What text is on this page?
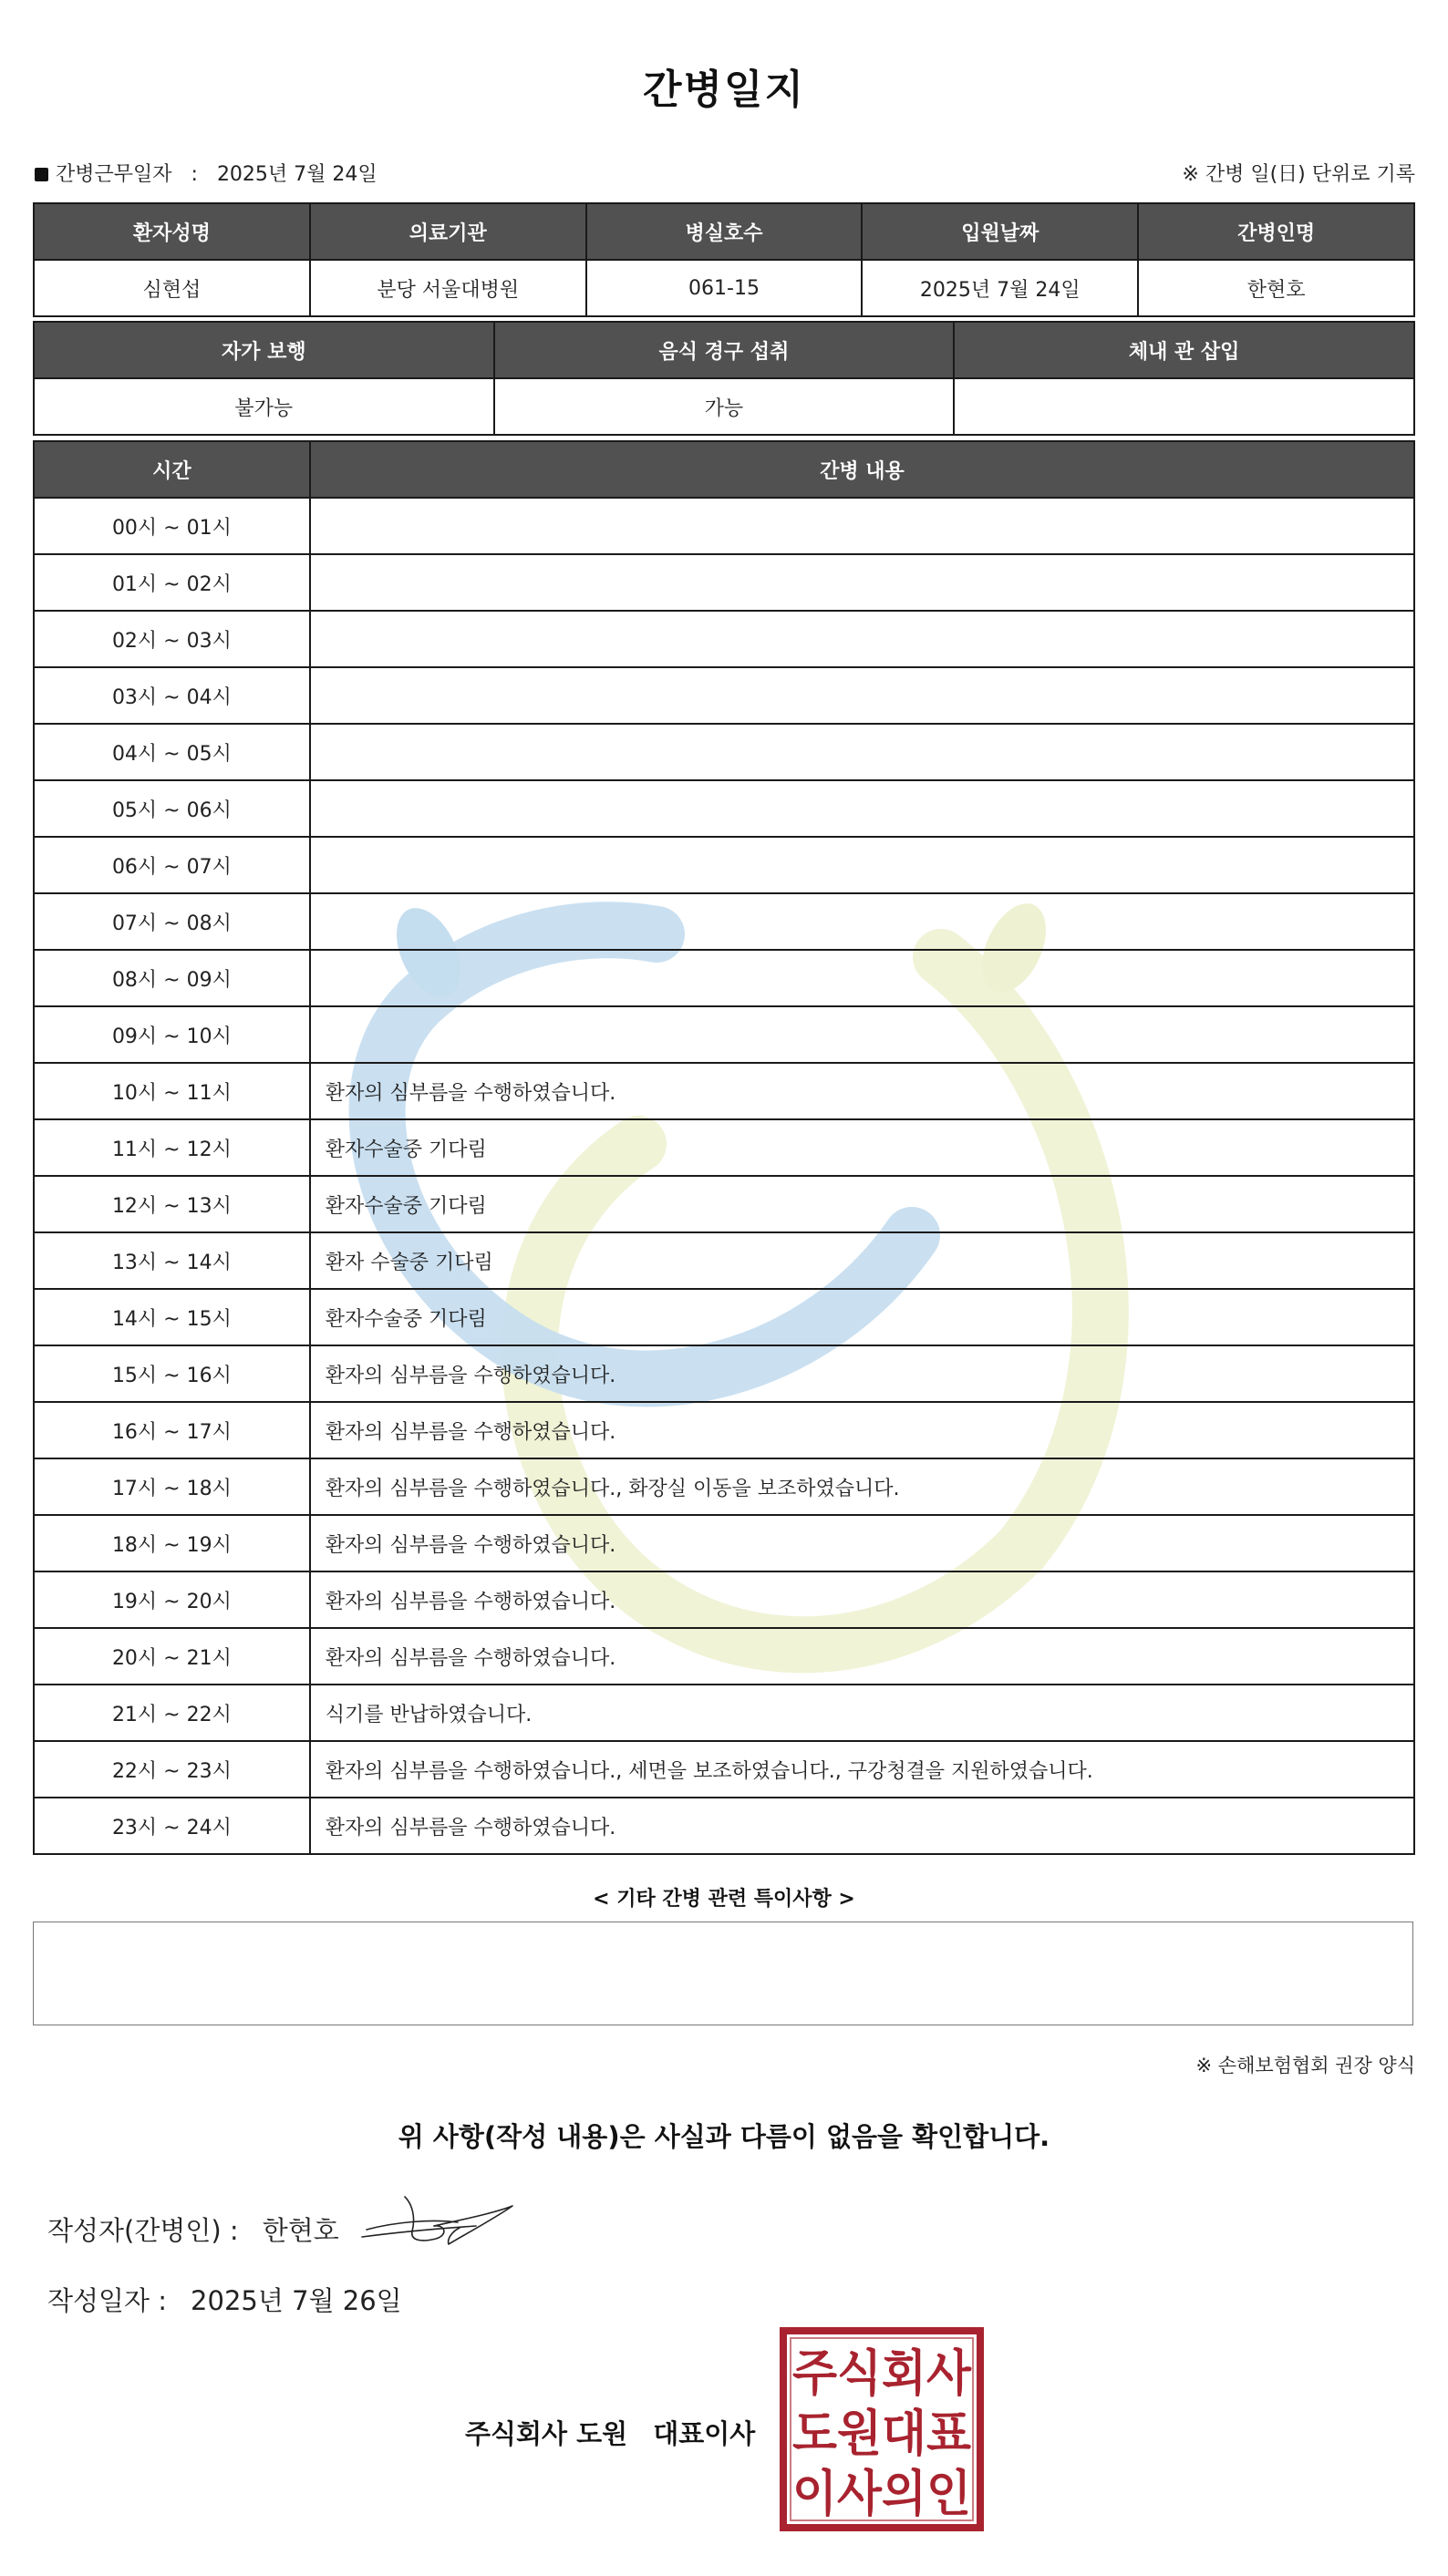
간병일지
간병근무일자 : 2025년 7월 24일	※ 간병 일(日) 단위로 기록
환자성명	의료기관	병실호수	입원날짜	간병인명
심현섭	분당 서울대병원	061-15	2025년 7월 24일	한현호
자가 보행	음식 경구 섭취	체내 관 삽입
불가능	가능	
시간	간병 내용
00시 ~ 01시	
01시 ~ 02시	
02시 ~ 03시	
03시 ~ 04시	
04시 ~ 05시	
05시 ~ 06시	
06시 ~ 07시	
07시 ~ 08시	
08시 ~ 09시	
09시 ~ 10시	
10시 ~ 11시	환자의 심부름을 수행하였습니다.
11시 ~ 12시	환자수술중 기다림
12시 ~ 13시	환자수술중 기다림
13시 ~ 14시	환자 수술중 기다림
14시 ~ 15시	환자수술중 기다림
15시 ~ 16시	환자의 심부름을 수행하였습니다.
16시 ~ 17시	환자의 심부름을 수행하였습니다.
17시 ~ 18시	환자의 심부름을 수행하였습니다., 화장실 이동을 보조하였습니다.
18시 ~ 19시	환자의 심부름을 수행하였습니다.
19시 ~ 20시	환자의 심부름을 수행하였습니다.
20시 ~ 21시	환자의 심부름을 수행하였습니다.
21시 ~ 22시	식기를 반납하였습니다.
22시 ~ 23시	환자의 심부름을 수행하였습니다., 세면을 보조하였습니다., 구강청결을 지원하였습니다.
23시 ~ 24시	환자의 심부름을 수행하였습니다.
< 기타 간병 관련 특이사항 >
※ 손해보험협회 권장 양식
위 사항(작성 내용)은 사실과 다름이 없음을 확인합니다.
작성자(간병인) : 한현호
작성일자 : 2025년 7월 26일
주식회사 도원 대표이사
주식회사
도원대표
이사의인
